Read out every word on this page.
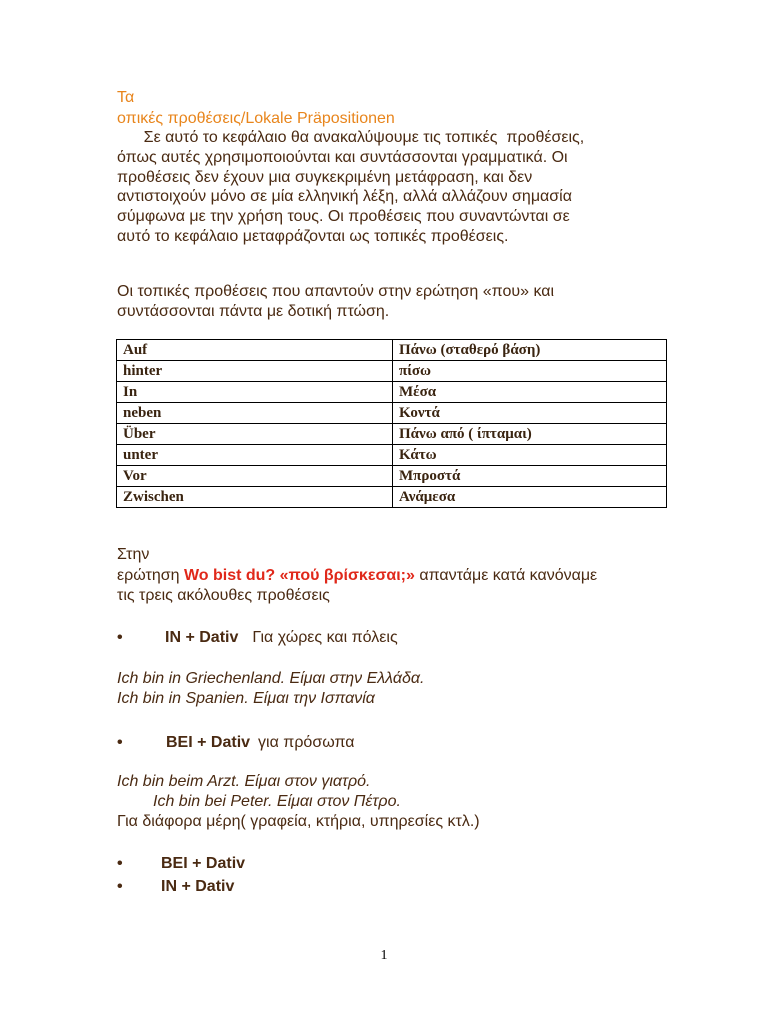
Τα
οπικές προθέσεις/Lokale Präpositionen
Σε αυτό το κεφάλαιο θα ανακαλύψουμε τις τοπικές  προθέσεις,
όπως αυτές χρησιμοποιούνται και συντάσσονται γραμματικά. Οι
προθέσεις δεν έχουν μια συγκεκριμένη μετάφραση, και δεν
αντιστοιχούν μόνο σε μία ελληνική λέξη, αλλά αλλάζουν σημασία
σύμφωνα με την χρήση τους. Οι προθέσεις που συναντώνται σε
αυτό το κεφάλαιο μεταφράζονται ως τοπικές προθέσεις.
Οι τοπικές προθέσεις που απαντούν στην ερώτηση «που» και
συντάσσονται πάντα με δοτική πτώση.
Auf	Πάνω (σταθερό βάση)
hinter	πίσω
In	Μέσα
neben	Κοντά
Über	Πάνω από ( ίπταμαι)
unter	Κάτω
Vor	Μπροστά
Zwischen	Ανάμεσα
Στην
ερώτηση Wo bist du? «πού βρίσκεσαι;» απαντάμε κατά κανόναμε
τις τρεις ακόλουθες προθέσεις
•	IN + Dativ Για χώρες και πόλεις
Ich bin in Griechenland. Είμαι στην Ελλάδα.
Ich bin in Spanien. Είμαι την Ισπανία
•	BEI + Dativ για πρόσωπα
Ich bin beim Arzt. Είμαι στον γιατρό.
Ich bin bei Peter. Είμαι στον Πέτρο.
Για διάφορα μέρη( γραφεία, κτήρια, υπηρεσίες κτλ.)
• BEI + Dativ
• IN + Dativ
1
